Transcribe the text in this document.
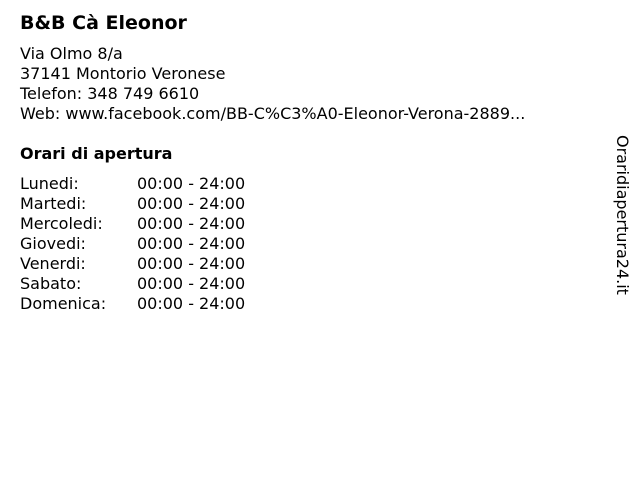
B&B Cà Eleonor
Via Olmo 8/a
37141 Montorio Veronese
Telefon: 348 749 6610
Web: www.facebook.com/BB-C%C3%A0-Eleonor-Verona-2889...
Orari di apertura
Lunedi:	00:00 - 24:00
Martedi:	00:00 - 24:00
Mercoledi: 00:00 - 24:00
Giovedi:	00:00 - 24:00
Venerdi:	00:00 - 24:00
Sabato:	00:00 - 24:00
Domenica: 00:00 - 24:00
Oraridiapertura24.it
